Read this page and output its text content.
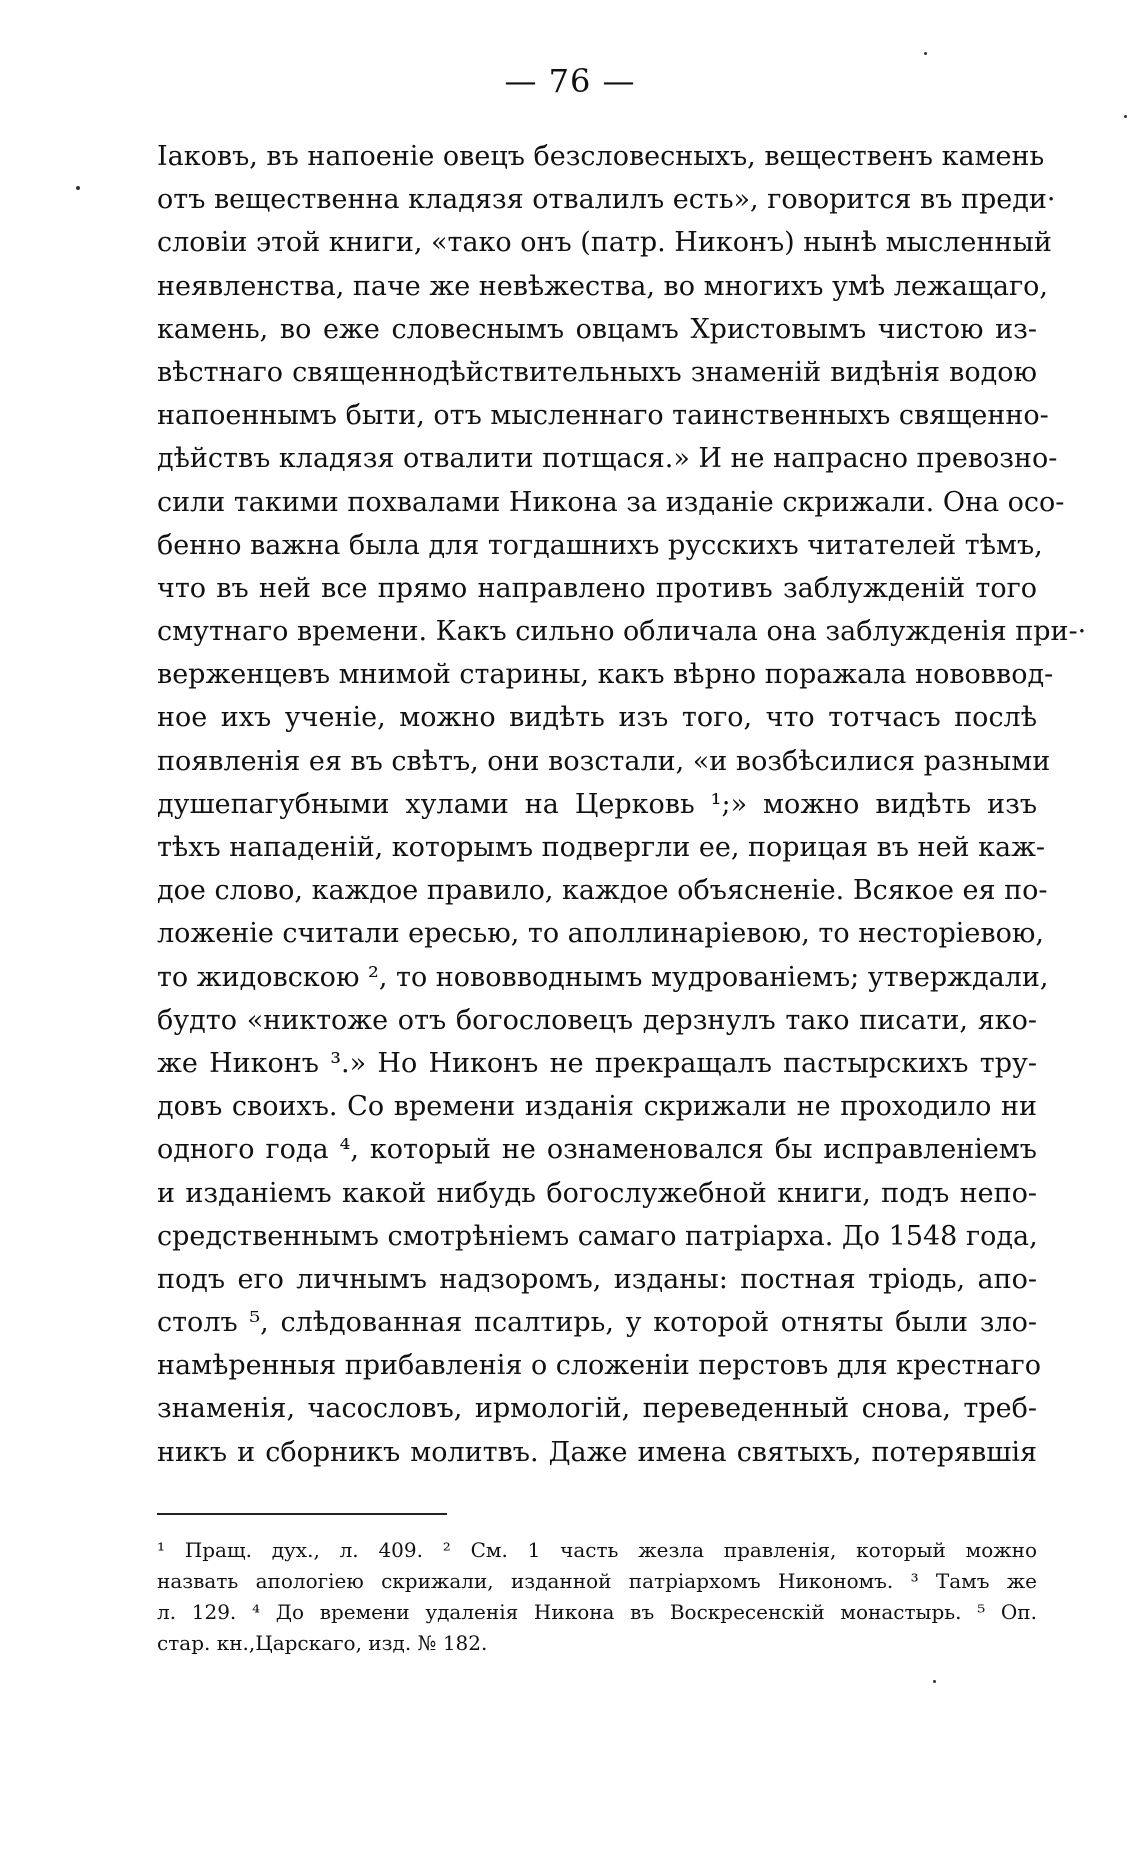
— 76 —
Іаковъ, въ напоеніе овецъ безсловесныхъ, вещественъ камень
отъ вещественна кладязя отвалилъ есть», говорится въ преди·
словіи этой книги, «тако онъ (патр. Никонъ) нынѣ мысленный
неявленства, паче же невѣжества, во многихъ умѣ лежащаго,
камень, во еже словеснымъ овцамъ Христовымъ чистою из-
вѣстнаго священнодѣйствительныхъ знаменій видѣнія водою
напоеннымъ быти, отъ мысленнаго таинственныхъ священно-
дѣйствъ кладязя отвалити потщася.» И не напрасно превозно-
сили такими похвалами Никона за изданіе скрижали. Она осо-
бенно важна была для тогдашнихъ русскихъ читателей тѣмъ,
что въ ней все прямо направлено противъ заблужденій того
смутнаго времени. Какъ сильно обличала она заблужденія при-·
верженцевъ мнимой старины, какъ вѣрно поражала нововвод-
ное ихъ ученіе, можно видѣть изъ того, что тотчасъ послѣ
появленія ея въ свѣтъ, они возстали, «и возбѣсилися разными
душепагубными хулами на Церковь ¹;» можно видѣть изъ
тѣхъ нападеній, которымъ подвергли ее, порицая въ ней каж-
дое слово, каждое правило, каждое объясненіе. Всякое ея по-
ложеніе считали ересью, то аполлинаріевою, то несторіевою,
то жидовскою ², то нововводнымъ мудрованіемъ; утверждали,
будто «никтоже отъ богословецъ дерзнулъ тако писати, яко-
же Никонъ ³.» Но Никонъ не прекращалъ пастырскихъ тру-
довъ своихъ. Со времени изданія скрижали не проходило ни
одного года ⁴, который не ознаменовался бы исправленіемъ
и изданіемъ какой нибудь богослужебной книги, подъ непо-
средственнымъ смотрѣніемъ самаго патріарха. До 1548 года,
подъ его личнымъ надзоромъ, изданы: постная тріодь, апо-
столъ ⁵, слѣдованная псалтирь, у которой отняты были зло-
намѣренныя прибавленія о сложеніи перстовъ для крестнаго
знаменія, часословъ, ирмологій, переведенный снова, треб-
никъ и сборникъ молитвъ. Даже имена святыхъ, потерявшія
¹ Прaщ. дух., л. 409. ² См. 1 часть жезла правленія, который можно
назвать апологіею скрижали, изданной патріархомъ Никономъ. ³ Тамъ же
л. 129. ⁴ До времени удаленія Никона въ Воскресенскій монастырь. ⁵ Оп.
стар. кн.,Царскаго, изд. № 182.
